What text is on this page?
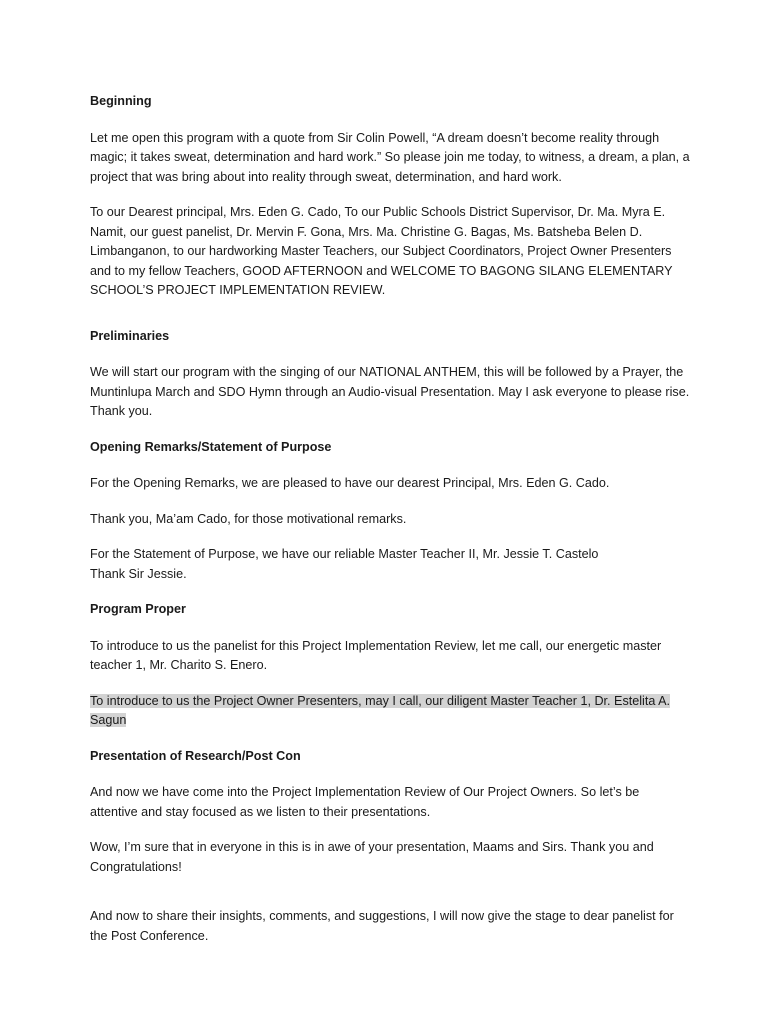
Beginning
Let me open this program with a quote from Sir Colin Powell, “A dream doesn’t become reality through magic; it takes sweat, determination and hard work.” So please join me today, to witness, a dream, a plan, a project that was bring about into reality through sweat, determination, and hard work.
To our Dearest principal, Mrs. Eden G. Cado, To our Public Schools District Supervisor, Dr. Ma. Myra E. Namit, our guest panelist, Dr. Mervin F. Gona, Mrs. Ma. Christine G. Bagas, Ms. Batsheba Belen D. Limbanganon, to our hardworking Master Teachers, our Subject Coordinators, Project Owner Presenters and to my fellow Teachers, GOOD AFTERNOON and WELCOME TO BAGONG SILANG ELEMENTARY SCHOOL’S PROJECT IMPLEMENTATION REVIEW.
Preliminaries
We will start our program with the singing of our NATIONAL ANTHEM, this will be followed by a Prayer, the Muntinlupa March and SDO Hymn through an Audio-visual Presentation. May I ask everyone to please rise. Thank you.
Opening Remarks/Statement of Purpose
For the Opening Remarks, we are pleased to have our dearest Principal, Mrs. Eden G. Cado.
Thank you, Ma’am Cado, for those motivational remarks.
For the Statement of Purpose, we have our reliable Master Teacher II, Mr. Jessie T. Castelo
Thank Sir Jessie.
Program Proper
To introduce to us the panelist for this Project Implementation Review, let me call, our energetic master teacher 1, Mr. Charito S. Enero.
To introduce to us the Project Owner Presenters, may I call, our diligent Master Teacher 1, Dr. Estelita A. Sagun
Presentation of Research/Post Con
And now we have come into the Project Implementation Review of Our Project Owners. So let’s be attentive and stay focused as we listen to their presentations.
Wow, I’m sure that in everyone in this is in awe of your presentation, Maams and Sirs. Thank you and Congratulations!
And now to share their insights, comments, and suggestions, I will now give the stage to dear panelist for the Post Conference.
